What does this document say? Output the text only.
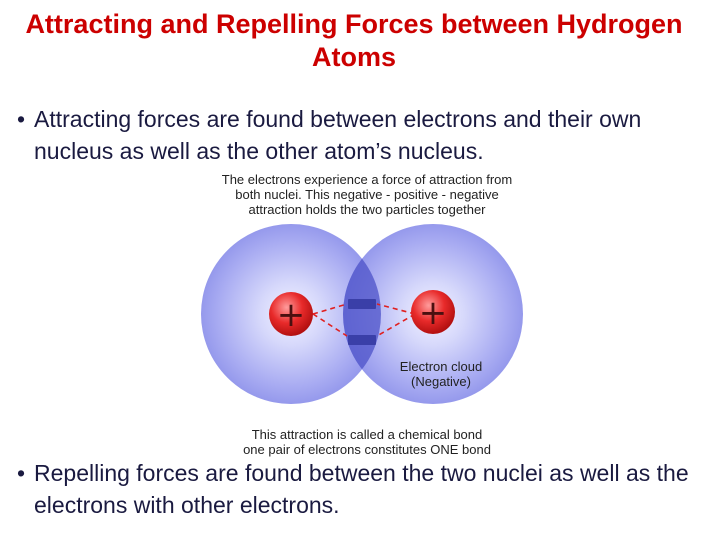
Attracting and Repelling Forces between Hydrogen Atoms
• Attracting forces are found between electrons and their own nucleus as well as the other atom’s nucleus.
The electrons experience a force of attraction from
both nuclei. This negative - positive - negative
attraction holds the two particles together
+	+
Electron cloud
(Negative)
This attraction is called a chemical bond
one pair of electrons constitutes ONE bond
• Repelling forces are found between the two nuclei as well as the electrons with other electrons.
